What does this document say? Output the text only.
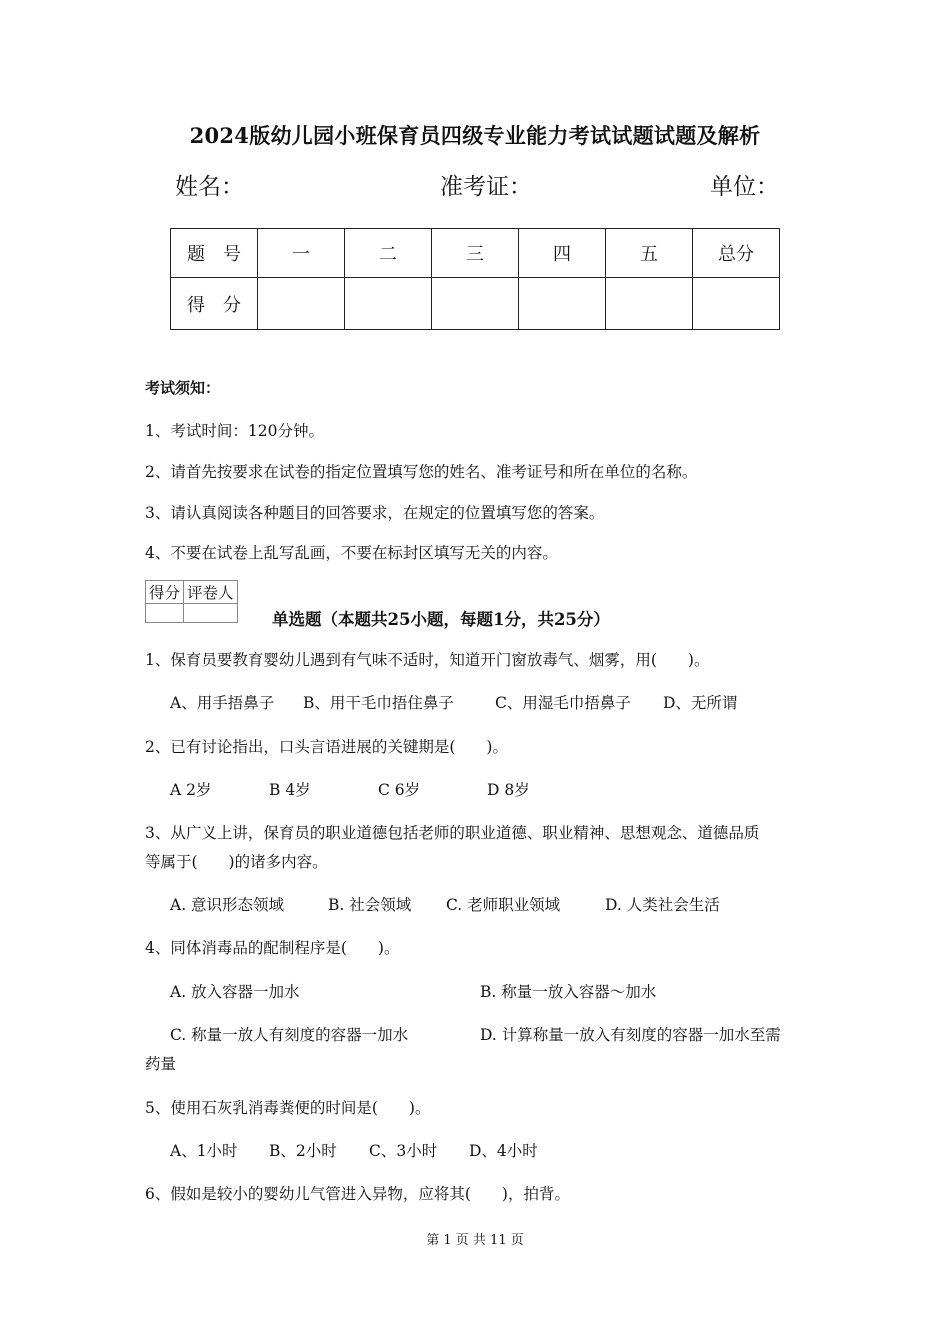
2024版幼儿园小班保育员四级专业能力考试试题试题及解析
姓名：	准考证：	单位：
题　号	一	二	三	四	五	总分
得　分						
考试须知：
1、考试时间：120分钟。
2、请首先按要求在试卷的指定位置填写您的姓名、准考证号和所在单位的名称。
3、请认真阅读各种题目的回答要求，在规定的位置填写您的答案。
4、不要在试卷上乱写乱画，不要在标封区填写无关的内容。
得分	评卷人

单选题（本题共25小题，每题1分，共25分）
1、保育员要教育婴幼儿遇到有气味不适时，知道开门窗放毒气、烟雾，用(　　)。
A、用手捂鼻子 B、用干毛巾捂住鼻子	C、用湿毛巾捂鼻子 D、无所谓
2、已有讨论指出，口头言语进展的关键期是(　　)。
A 2岁	B 4岁	C 6岁	D 8岁
3、从广义上讲，保育员的职业道德包括老师的职业道德、职业精神、思想观念、道德品质
等属于(　　)的诸多内容。
A. 意识形态领域	B. 社会领域 C. 老师职业领域	D. 人类社会生活
4、同体消毒品的配制程序是(　　)。
A. 放入容器一加水	B. 称量一放入容器～加水
C. 称量一放人有刻度的容器一加水	D. 计算称量一放入有刻度的容器一加水至需
药量
5、使用石灰乳消毒粪便的时间是(　　)。
A、1小时 B、2小时 C、3小时 D、4小时
6、假如是较小的婴幼儿气管进入异物，应将其(　　)，拍背。
第 1 页 共 11 页
